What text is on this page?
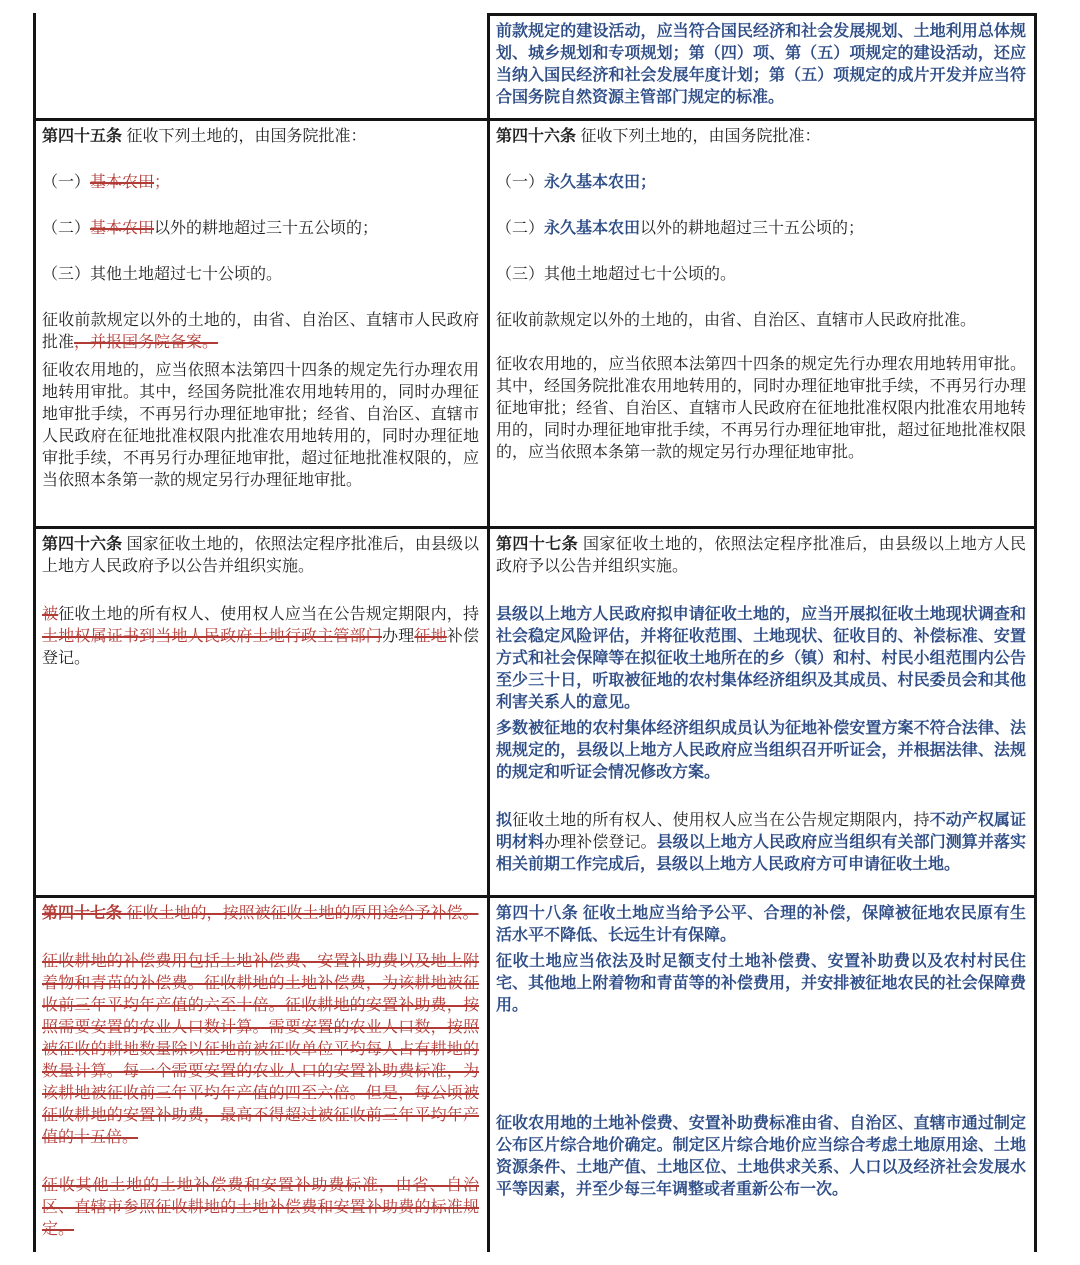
前款规定的建设活动，应当符合国民经济和社会发展规划、土地利用总体规划、城乡规划和专项规划；第（四）项、第（五）项规定的建设活动，还应当纳入国民经济和社会发展年度计划；第（五）项规定的成片开发并应当符合国务院自然资源主管部门规定的标准。

第四十五条 征收下列土地的，由国务院批准：

（一）基本农田；

（二）基本农田以外的耕地超过三十五公顷的；

（三）其他土地超过七十公顷的。

征收前款规定以外的土地的，由省、自治区、直辖市人民政府批准，并报国务院备案。

征收农用地的，应当依照本法第四十四条的规定先行办理农用地转用审批。其中，经国务院批准农用地转用的，同时办理征地审批手续，不再另行办理征地审批；经省、自治区、直辖市人民政府在征地批准权限内批准农用地转用的，同时办理征地审批手续，不再另行办理征地审批，超过征地批准权限的，应当依照本条第一款的规定另行办理征地审批。

第四十六条 征收下列土地的，由国务院批准：

（一）永久基本农田；

（二）永久基本农田以外的耕地超过三十五公顷的；

（三）其他土地超过七十公顷的。

征收前款规定以外的土地的，由省、自治区、直辖市人民政府批准。

征收农用地的，应当依照本法第四十四条的规定先行办理农用地转用审批。其中，经国务院批准农用地转用的，同时办理征地审批手续，不再另行办理征地审批；经省、自治区、直辖市人民政府在征地批准权限内批准农用地转用的，同时办理征地审批手续，不再另行办理征地审批，超过征地批准权限的，应当依照本条第一款的规定另行办理征地审批。

第四十六条 国家征收土地的，依照法定程序批准后，由县级以上地方人民政府予以公告并组织实施。

被征收土地的所有权人、使用权人应当在公告规定期限内，持土地权属证书到当地人民政府土地行政主管部门办理征地补偿登记。

第四十七条 国家征收土地的，依照法定程序批准后，由县级以上地方人民政府予以公告并组织实施。

县级以上地方人民政府拟申请征收土地的，应当开展拟征收土地现状调查和社会稳定风险评估，并将征收范围、土地现状、征收目的、补偿标准、安置方式和社会保障等在拟征收土地所在的乡（镇）和村、村民小组范围内公告至少三十日，听取被征地的农村集体经济组织及其成员、村民委员会和其他利害关系人的意见。

多数被征地的农村集体经济组织成员认为征地补偿安置方案不符合法律、法规规定的，县级以上地方人民政府应当组织召开听证会，并根据法律、法规的规定和听证会情况修改方案。

拟征收土地的所有权人、使用权人应当在公告规定期限内，持不动产权属证明材料办理补偿登记。县级以上地方人民政府应当组织有关部门测算并落实相关前期工作完成后，县级以上地方人民政府方可申请征收土地。

第四十七条 征收土地的，按照被征收土地的原用途给予补偿。

征收耕地的补偿费用包括土地补偿费、安置补助费以及地上附着物和青苗的补偿费。征收耕地的土地补偿费，为该耕地被征收前三年平均年产值的六至十倍。征收耕地的安置补助费，按照需要安置的农业人口数计算。需要安置的农业人口数，按照被征收的耕地数量除以征地前被征收单位平均每人占有耕地的数量计算。每一个需要安置的农业人口的安置补助费标准，为该耕地被征收前三年平均年产值的四至六倍。但是，每公顷被征收耕地的安置补助费，最高不得超过被征收前三年平均年产值的十五倍。

征收其他土地的土地补偿费和安置补助费标准，由省、自治区、直辖市参照征收耕地的土地补偿费和安置补助费的标准规定。

第四十八条 征收土地应当给予公平、合理的补偿，保障被征地农民原有生活水平不降低、长远生计有保障。

征收土地应当依法及时足额支付土地补偿费、安置补助费以及农村村民住宅、其他地上附着物和青苗等的补偿费用，并安排被征地农民的社会保障费用。

征收农用地的土地补偿费、安置补助费标准由省、自治区、直辖市通过制定公布区片综合地价确定。制定区片综合地价应当综合考虑土地原用途、土地资源条件、土地产值、土地区位、土地供求关系、人口以及经济社会发展水平等因素，并至少每三年调整或者重新公布一次。
